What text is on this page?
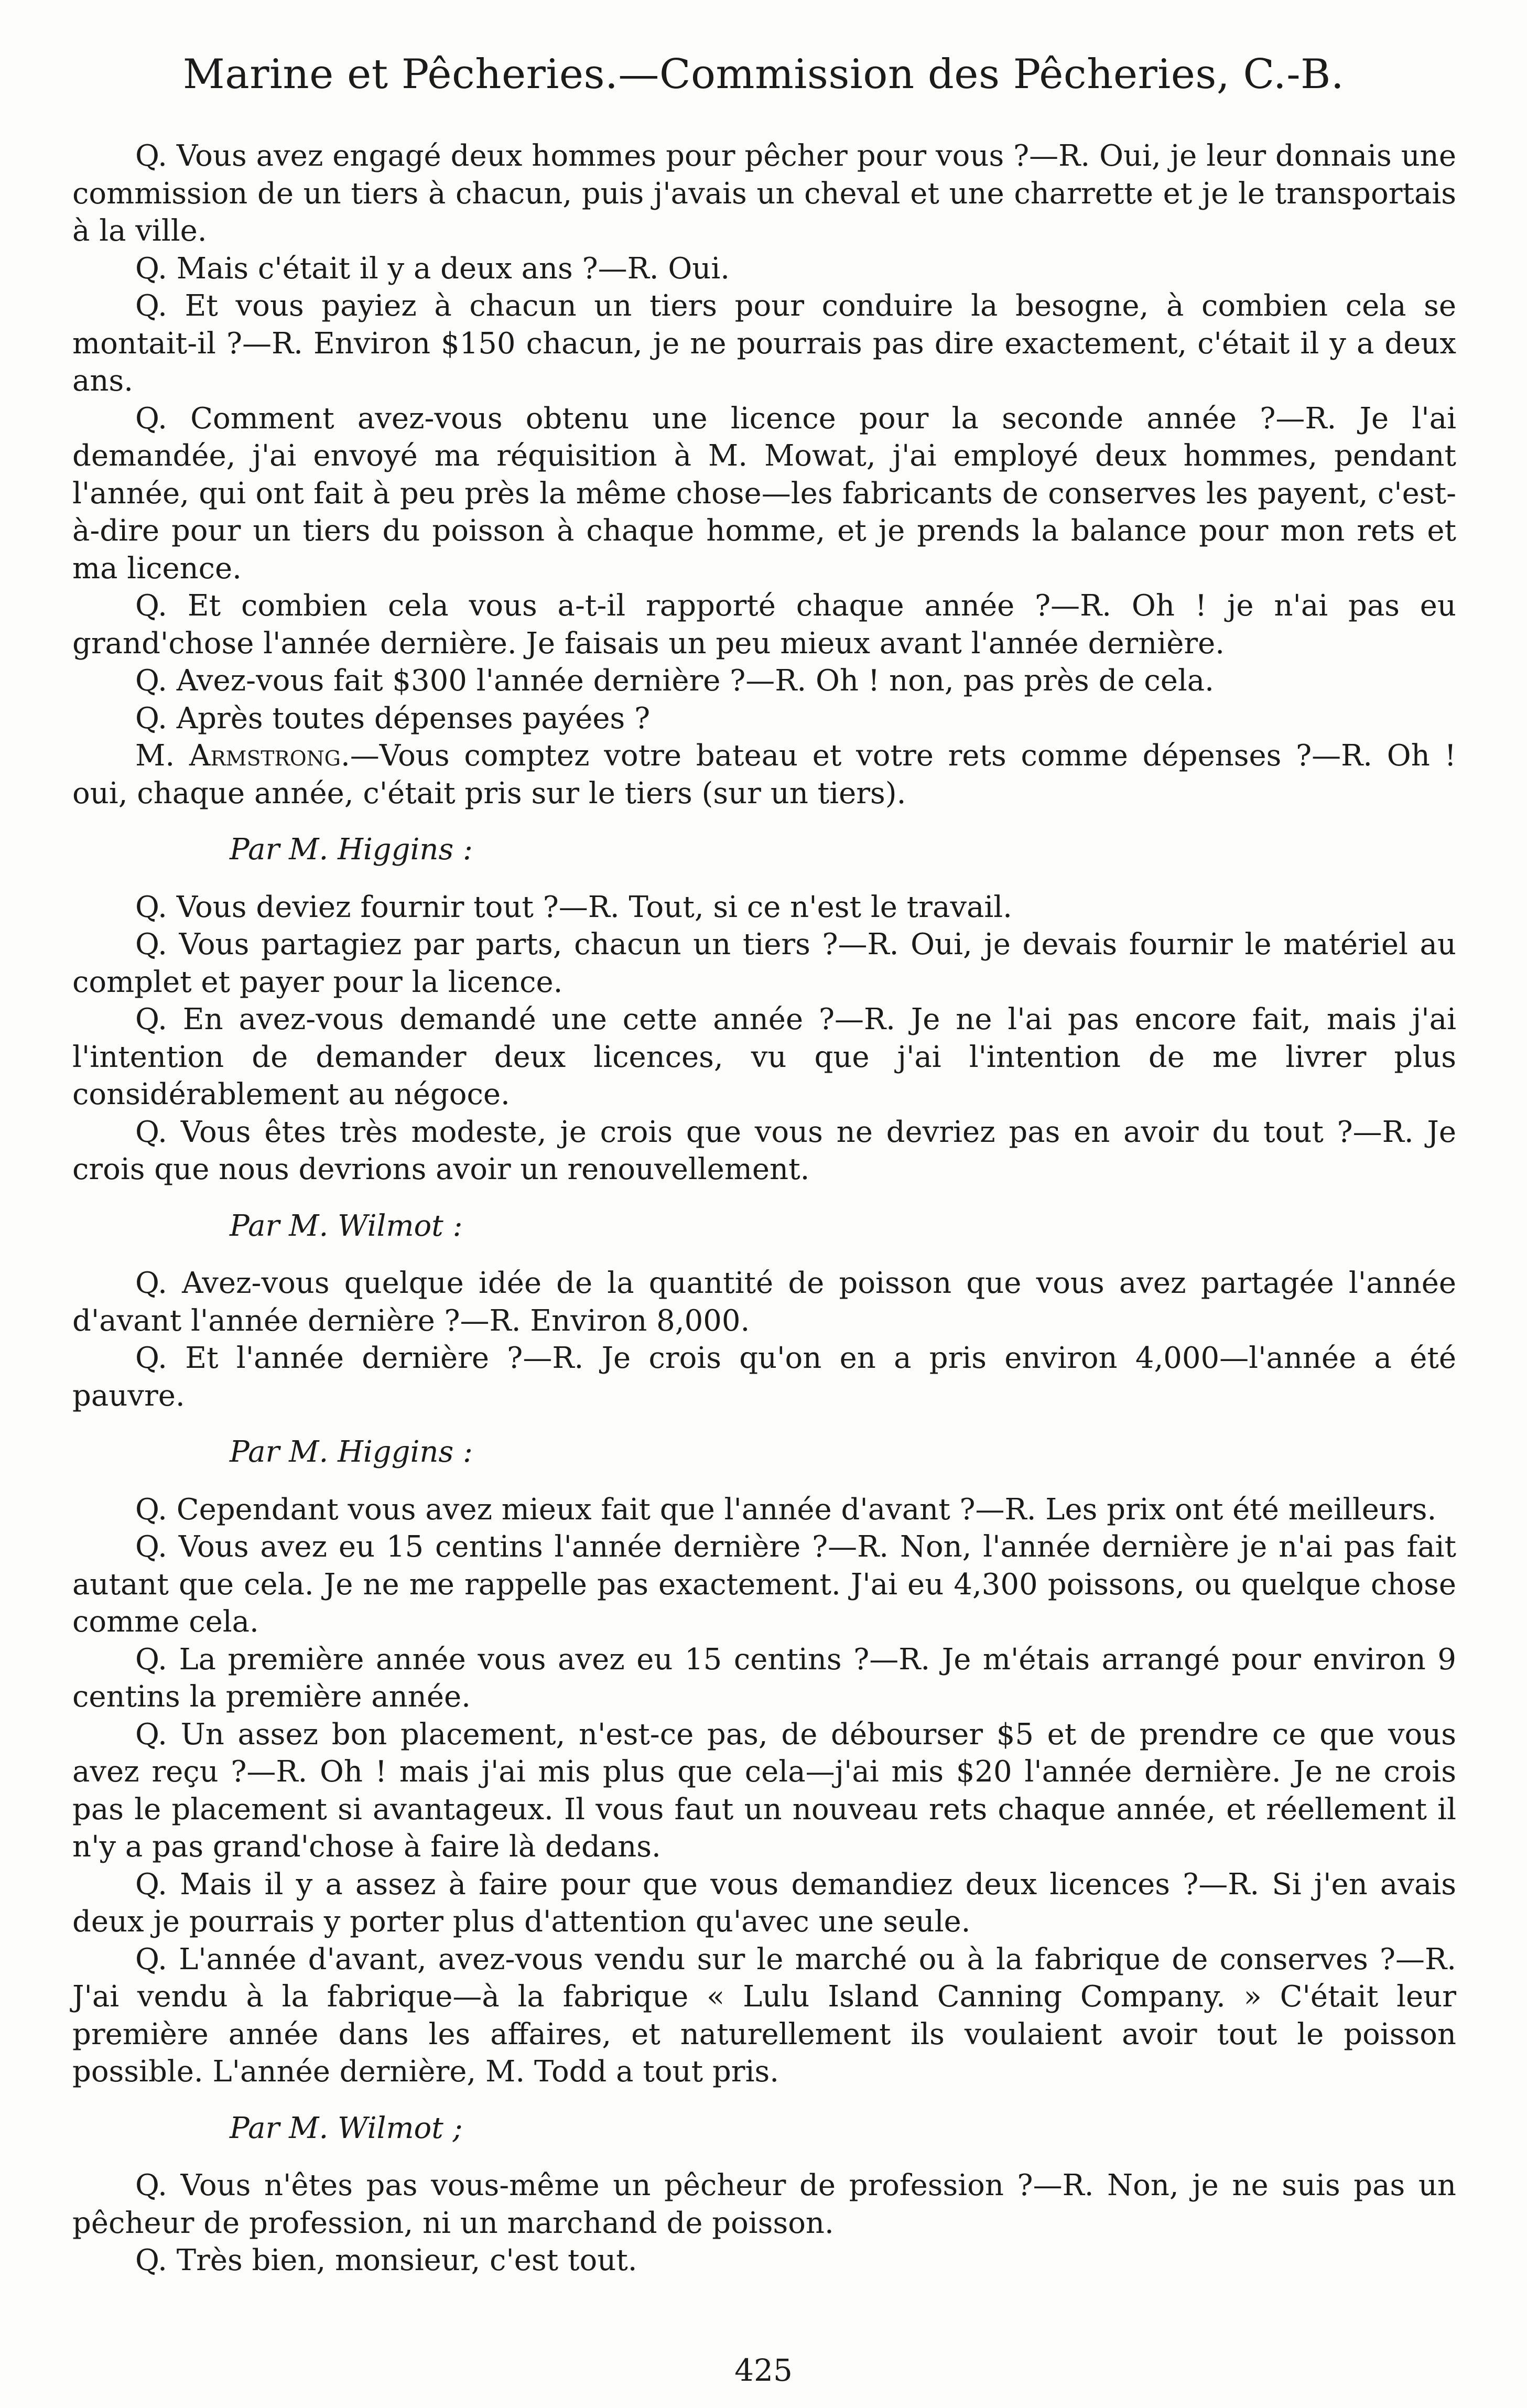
Marine et Pêcheries.—Commission des Pêcheries, C.-B.

Q. Vous avez engagé deux hommes pour pêcher pour vous ?—R. Oui, je leur donnais une commission de un tiers à chacun, puis j'avais un cheval et une charrette et je le transportais à la ville.

Q. Mais c'était il y a deux ans ?—R. Oui.

Q. Et vous payiez à chacun un tiers pour conduire la besogne, à combien cela se montait-il ?—R. Environ $150 chacun, je ne pourrais pas dire exactement, c'était il y a deux ans.

Q. Comment avez-vous obtenu une licence pour la seconde année ?—R. Je l'ai demandée, j'ai envoyé ma réquisition à M. Mowat, j'ai employé deux hommes, pendant l'année, qui ont fait à peu près la même chose—les fabricants de conserves les payent, c'est-à-dire pour un tiers du poisson à chaque homme, et je prends la balance pour mon rets et ma licence.

Q. Et combien cela vous a-t-il rapporté chaque année ?—R. Oh ! je n'ai pas eu grand'chose l'année dernière. Je faisais un peu mieux avant l'année dernière.

Q. Avez-vous fait $300 l'année dernière ?—R. Oh ! non, pas près de cela.

Q. Après toutes dépenses payées ?

M. Armstrong.—Vous comptez votre bateau et votre rets comme dépenses ?—R. Oh ! oui, chaque année, c'était pris sur le tiers (sur un tiers).

Par M. Higgins :

Q. Vous deviez fournir tout ?—R. Tout, si ce n'est le travail.

Q. Vous partagiez par parts, chacun un tiers ?—R. Oui, je devais fournir le matériel au complet et payer pour la licence.

Q. En avez-vous demandé une cette année ?—R. Je ne l'ai pas encore fait, mais j'ai l'intention de demander deux licences, vu que j'ai l'intention de me livrer plus considérablement au négoce.

Q. Vous êtes très modeste, je crois que vous ne devriez pas en avoir du tout ?—R. Je crois que nous devrions avoir un renouvellement.

Par M. Wilmot :

Q. Avez-vous quelque idée de la quantité de poisson que vous avez partagée l'année d'avant l'année dernière ?—R. Environ 8,000.

Q. Et l'année dernière ?—R. Je crois qu'on en a pris environ 4,000—l'année a été pauvre.

Par M. Higgins :

Q. Cependant vous avez mieux fait que l'année d'avant ?—R. Les prix ont été meilleurs.

Q. Vous avez eu 15 centins l'année dernière ?—R. Non, l'année dernière je n'ai pas fait autant que cela. Je ne me rappelle pas exactement. J'ai eu 4,300 poissons, ou quelque chose comme cela.

Q. La première année vous avez eu 15 centins ?—R. Je m'étais arrangé pour environ 9 centins la première année.

Q. Un assez bon placement, n'est-ce pas, de débourser $5 et de prendre ce que vous avez reçu ?—R. Oh ! mais j'ai mis plus que cela—j'ai mis $20 l'année dernière. Je ne crois pas le placement si avantageux. Il vous faut un nouveau rets chaque année, et réellement il n'y a pas grand'chose à faire là dedans.

Q. Mais il y a assez à faire pour que vous demandiez deux licences ?—R. Si j'en avais deux je pourrais y porter plus d'attention qu'avec une seule.

Q. L'année d'avant, avez-vous vendu sur le marché ou à la fabrique de conserves ?—R. J'ai vendu à la fabrique—à la fabrique « Lulu Island Canning Company. » C'était leur première année dans les affaires, et naturellement ils voulaient avoir tout le poisson possible. L'année dernière, M. Todd a tout pris.

Par M. Wilmot ;

Q. Vous n'êtes pas vous-même un pêcheur de profession ?—R. Non, je ne suis pas un pêcheur de profession, ni un marchand de poisson.

Q. Très bien, monsieur, c'est tout.

425
